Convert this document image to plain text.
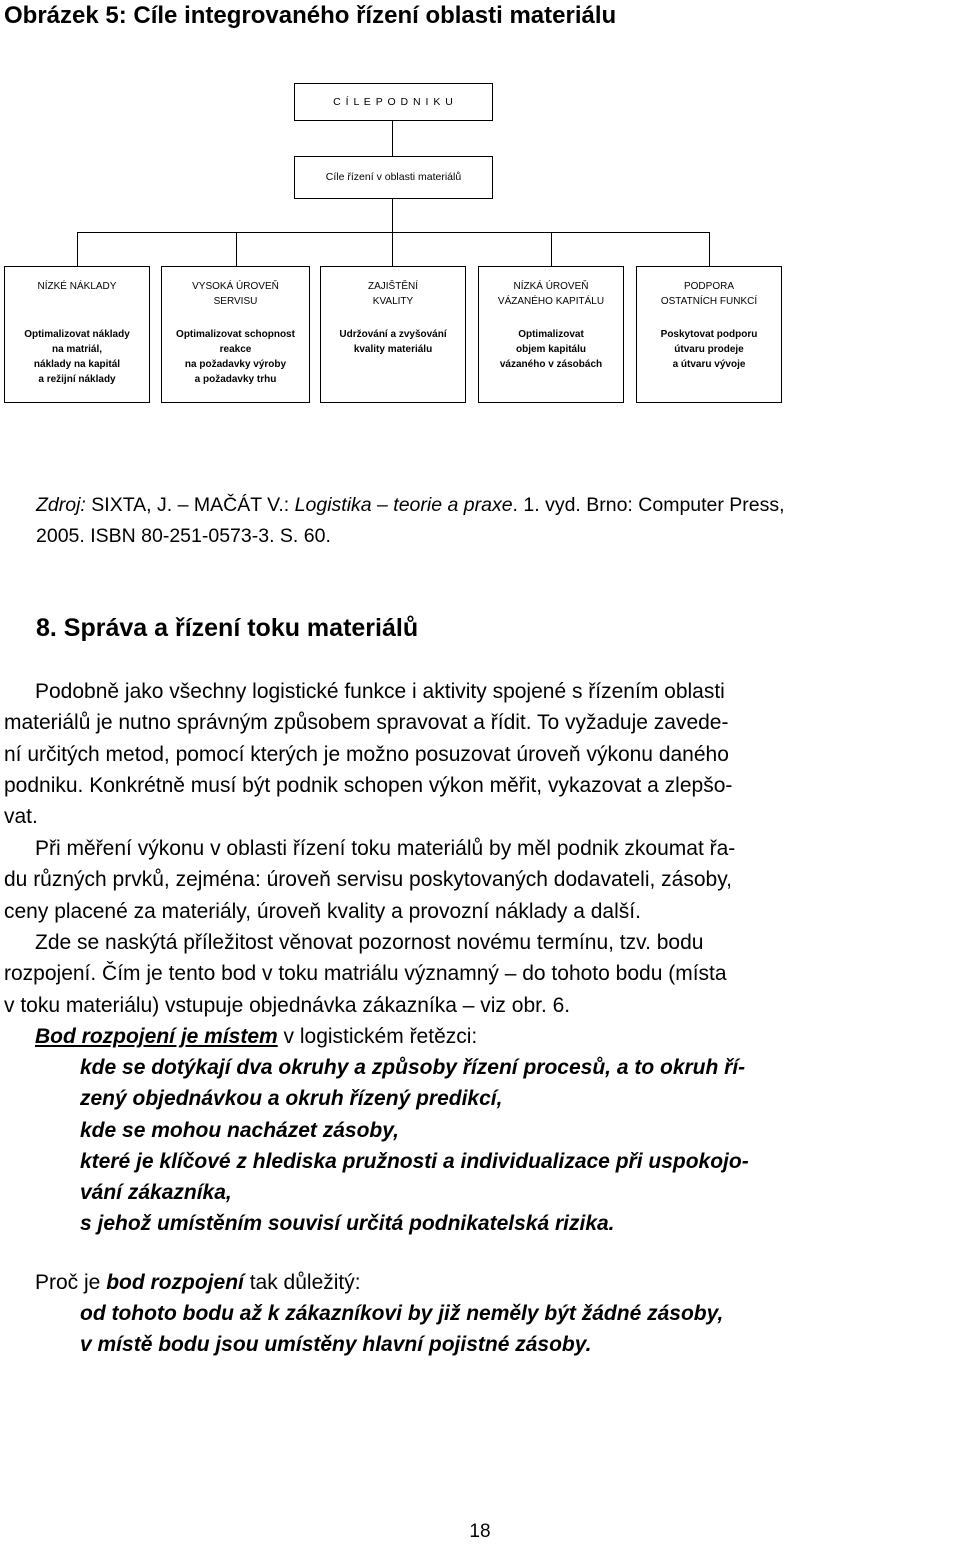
Obrázek 5: Cíle integrovaného řízení oblasti materiálu
C Í L E P O D N I K U
Cíle řízení v oblasti materiálů
NÍZKÉ NÁKLADY
Optimalizovat náklady
na matriál,
náklady na kapitál
a režijní náklady
VYSOKÁ ÚROVEŇ
SERVISU
Optimalizovat schopnost
reakce
na požadavky výroby
a požadavky trhu
ZAJIŠTĚNÍ
KVALITY
Udržování a zvyšování
kvality materiálu
NÍZKÁ ÚROVEŇ
VÁZANÉHO KAPITÁLU
Optimalizovat
objem kapitálu
vázaného v zásobách
PODPORA
OSTATNÍCH FUNKCÍ
Poskytovat podporu
útvaru prodeje
a útvaru vývoje
Zdroj: SIXTA, J. – MAČÁT V.: Logistika – teorie a praxe. 1. vyd. Brno: Computer Press,
2005. ISBN 80-251-0573-3. S. 60.
8. Správa a řízení toku materiálů
Podobně jako všechny logistické funkce i aktivity spojené s řízením oblasti
materiálů je nutno správným způsobem spravovat a řídit. To vyžaduje zavede-
ní určitých metod, pomocí kterých je možno posuzovat úroveň výkonu daného
podniku. Konkrétně musí být podnik schopen výkon měřit, vykazovat a zlepšo-
vat.
Při měření výkonu v oblasti řízení toku materiálů by měl podnik zkoumat řa-
du různých prvků, zejména: úroveň servisu poskytovaných dodavateli, zásoby,
ceny placené za materiály, úroveň kvality a provozní náklady a další.
Zde se naskýtá příležitost věnovat pozornost novému termínu, tzv. bodu
rozpojení. Čím je tento bod v toku matriálu významný – do tohoto bodu (místa
v toku materiálu) vstupuje objednávka zákazníka – viz obr. 6.
Bod rozpojení je místem v logistickém řetězci:
kde se dotýkají dva okruhy a způsoby řízení procesů, a to okruh ří-
zený objednávkou a okruh řízený predikcí,
kde se mohou nacházet zásoby,
které je klíčové z hlediska pružnosti a individualizace při uspokojo-
vání zákazníka,
s jehož umístěním souvisí určitá podnikatelská rizika.
Proč je bod rozpojení tak důležitý:
od tohoto bodu až k zákazníkovi by již neměly být žádné zásoby,
v místě bodu jsou umístěny hlavní pojistné zásoby.
18
